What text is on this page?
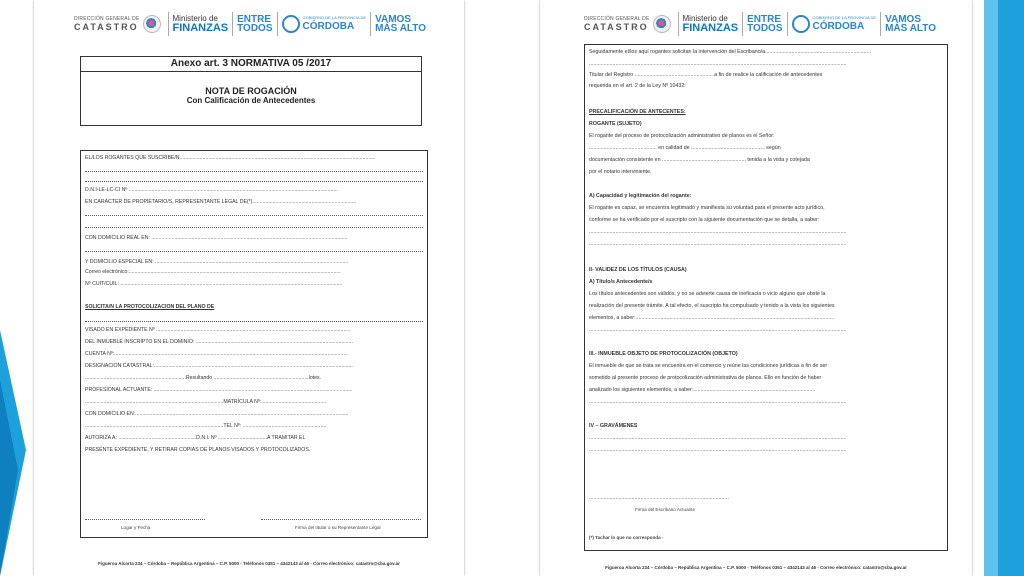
DIRECCIÓN GENERAL DE
CATASTRO
Ministerio de
FINANZAS
ENTRE
TODOS
GOBIERNO DE LA PROVINCIA DE
CÓRDOBA
VAMOS
MÁS ALTO
Anexo art. 3 NORMATIVA 05 /2017
NOTA DE ROGACIÓN
Con Calificación de Antecedentes
EL/LOS ROGANTES QUE SUSCRIBE/N........................................................................................................................................
D.N.I-LE-LC-CI Nº .................................................................................................................................................
EN CARÁCTER DE PROPIETARIO/S, REPRESENTANTE LEGAL DE(*)........................................................................
CON DOMICILIO REAL EN: ........................................................................................................................................
Y DOMICILIO ESPECIAL EN: ......................................................................................................................................
Correo electrónico:...................................................................................................................................................
Nº CUIT/CUIL: ..........................................................................................................................................................
SOLICITA/N LA PROTOCOLIZACION DEL PLANO DE
VISADO EN EXPEDIENTE Nº .......................................................................................................................................
DEL INMUEBLE INSCRIPTO EN EL DOMINIO: .............................................................................................................
CUENTA Nº:..................................................................................................................................................................
DESIGNACION CATASTRAL:..........................................................................................................................................
......................................................................Resultando ..................................................................lotes.
PROFESIONAL ACTUANTE: ..........................................................................................................................................
................................................................................................MATRÍCULA Nº:.............................................
CON DOMICILIO EN:....................................................................................................................................................
................................................................................................TEL Nº: ..........................................................
AUTORIZA A: ......................................................D.N.I. Nº ..................................A TRAMITAR EL
PRESENTE EXPEDIENTE, Y RETIRAR COPIAS DE PLANOS VISADOS Y PROTOCOLIZADOS.
Lugar y Fecha	Firma del titular o su Representante Legal
Figueroa Alcorta 234 – Córdoba – República Argentina – C.P. 5000 - Teléfonos 0351 – 4342143 al 46 - Correo electrónico: catastro@cba.gov.ar
DIRECCIÓN GENERAL DE
CATASTRO
Ministerio de
FINANZAS
ENTRE
TODOS
GOBIERNO DE LA PROVINCIA DE
CÓRDOBA
VAMOS
MÁS ALTO
Seguidamente el/los aquí rogantes solicitan la intervención del Escribano/a........................................................................
...............................................................................................................................................................................
Titular del Registro ......................................................a fin de realice la calificación de antecedentes
requerida en el art. 2 de la Ley Nº 10432:
PRECALIFICACIÓN DE ANTECENTES:
ROGANTE (SUJETO)
El rogante del proceso de protocolización administrativo de planos es el Señor:
.............................................. en calidad de .................................................. según
documentación consistente en ......................................................... tenida a la vista y cotejada
por el notario interviniente.
A) Capacidad y legitimación del rogante:
El rogante es capaz, se encuentra legitimado y manifiesta su voluntad para el presente acto jurídico,
conforme se ha verificado por el suscripto con la siguiente documentación que se detalla, a saber:
...............................................................................................................................................................................
...............................................................................................................................................................................
II- VALIDEZ DE LOS TÍTULOS (CAUSA)
A) Título/s Antecedente/s
Los títulos antecedentes son válidos, y no se advierte causa de ineficacia o vicio alguno que obste la
realización del presente trámite. A tal efecto, el suscripto ha compulsado y tenido a la vista los siguientes
elementos, a saber:.......................................................................................................................................
...............................................................................................................................................................................
III.- INMUEBLE OBJETO DE PROTOCOLIZACIÓN (OBJETO)
El inmueble de que se trata se encuentra en el comercio y reúne las condiciones jurídicas a fin de ser
sometido al presente proceso de protocolización administrativa de planos. Ello en función de haber
analizado los siguientes elementos, a saber:...................................................................................
...............................................................................................................................................................................
IV – GRAVÁMENES
...............................................................................................................................................................................
...............................................................................................................................................................................
...............................................................................................
Firma del Escribano Actuante
(*) Tachar lo que no corresponda -
Figueroa Alcorta 234 – Córdoba – República Argentina – C.P. 5000 - Teléfonos 0351 – 4342143 al 46 - Correo electrónico: catastro@cba.gov.ar
